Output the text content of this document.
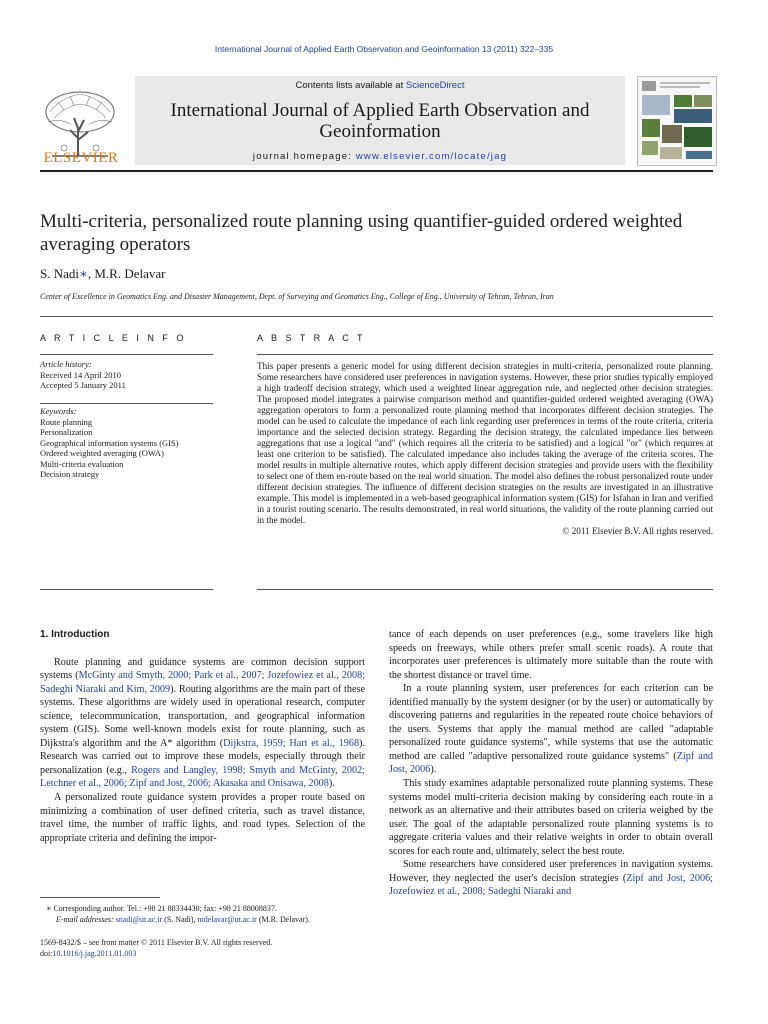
International Journal of Applied Earth Observation and Geoinformation 13 (2011) 322–335
ELSEVIER
Contents lists available at ScienceDirect
International Journal of Applied Earth Observation and Geoinformation
journal homepage: www.elsevier.com/locate/jag
Multi-criteria, personalized route planning using quantifier-guided ordered weighted averaging operators
S. Nadi∗, M.R. Delavar
Center of Excellence in Geomatics Eng. and Disaster Management, Dept. of Surveying and Geomatics Eng., College of Eng., University of Tehran, Tehran, Iran
A R T I C L E I N F O
Article history:
Received 14 April 2010
Accepted 5 January 2011
Keywords:
Route planning
Personalization
Geographical information systems (GIS)
Ordered weighted averaging (OWA)
Multi-criteria evaluation
Decision strategy
A B S T R A C T
This paper presents a generic model for using different decision strategies in multi-criteria, personalized route planning. Some researchers have considered user preferences in navigation systems. However, these prior studies typically employed a high tradeoff decision strategy, which used a weighted linear aggregation rule, and neglected other decision strategies. The proposed model integrates a pairwise comparison method and quantifier-guided ordered weighted averaging (OWA) aggregation operators to form a personalized route planning method that incorporates different decision strategies. The model can be used to calculate the impedance of each link regarding user preferences in terms of the route criteria, criteria importance and the selected decision strategy. Regarding the decision strategy, the calculated impedance lies between aggregations that use a logical "and" (which requires all the criteria to be satisfied) and a logical "or" (which requires at least one criterion to be satisfied). The calculated impedance also includes taking the average of the criteria scores. The model results in multiple alternative routes, which apply different decision strategies and provide users with the flexibility to select one of them en-route based on the real world situation. The model also defines the robust personalized route under different decision strategies. The influence of different decision strategies on the results are investigated in an illustrative example. This model is implemented in a web-based geographical information system (GIS) for Isfahan in Iran and verified in a tourist routing scenario. The results demonstrated, in real world situations, the validity of the route planning carried out in the model.
© 2011 Elsevier B.V. All rights reserved.

1. Introduction

Route planning and guidance systems are common decision support systems (McGinty and Smyth, 2000; Park et al., 2007; Jozefowiez et al., 2008; Sadeghi Niaraki and Kim, 2009). Routing algorithms are the main part of these systems. These algorithms are widely used in operational research, computer science, telecommunication, transportation, and geographical information system (GIS). Some well-known models exist for route planning, such as Dijkstra's algorithm and the A* algorithm (Dijkstra, 1959; Hart et al., 1968). Research was carried out to improve these models, especially through their personalization (e.g., Rogers and Langley, 1998; Smyth and McGinty, 2002; Letchner et al., 2006; Zipf and Jost, 2006; Akasaka and Onisawa, 2008).

A personalized route guidance system provides a proper route based on minimizing a combination of user defined criteria, such as travel distance, travel time, the number of traffic lights, and road types. Selection of the appropriate criteria and defining the impor-

tance of each depends on user preferences (e.g., some travelers like high speeds on freeways, while others prefer small scenic roads). A route that incorporates user preferences is ultimately more suitable than the route with the shortest distance or travel time.

In a route planning system, user preferences for each criterion can be identified manually by the system designer (or by the user) or automatically by discovering patterns and regularities in the repeated route choice behaviors of the users. Systems that apply the manual method are called "adaptable personalized route guidance systems", while systems that use the automatic method are called "adaptive personalized route guidance systems" (Zipf and Jost, 2006).

This study examines adaptable personalized route planning systems. These systems model multi-criteria decision making by considering each route in a network as an alternative and their attributes based on criteria weighed by the user. The goal of the adaptable personalized route planning systems is to aggregate criteria values and their relative weights in order to obtain overall scores for each route and, ultimately, select the best route.

Some researchers have considered user preferences in navigation systems. However, they neglected the user's decision strategies (Zipf and Jost, 2006; Jozefowiez et al., 2008; Sadeghi Niaraki and

∗ Corresponding author. Tel.: +98 21 88334430; fax: +98 21 88008837.
E-mail addresses: snadi@ut.ac.ir (S. Nadi), mdelavar@ut.ac.ir (M.R. Delavar).
1569-8432/$ – see front matter © 2011 Elsevier B.V. All rights reserved.
doi:10.1016/j.jag.2011.01.003
